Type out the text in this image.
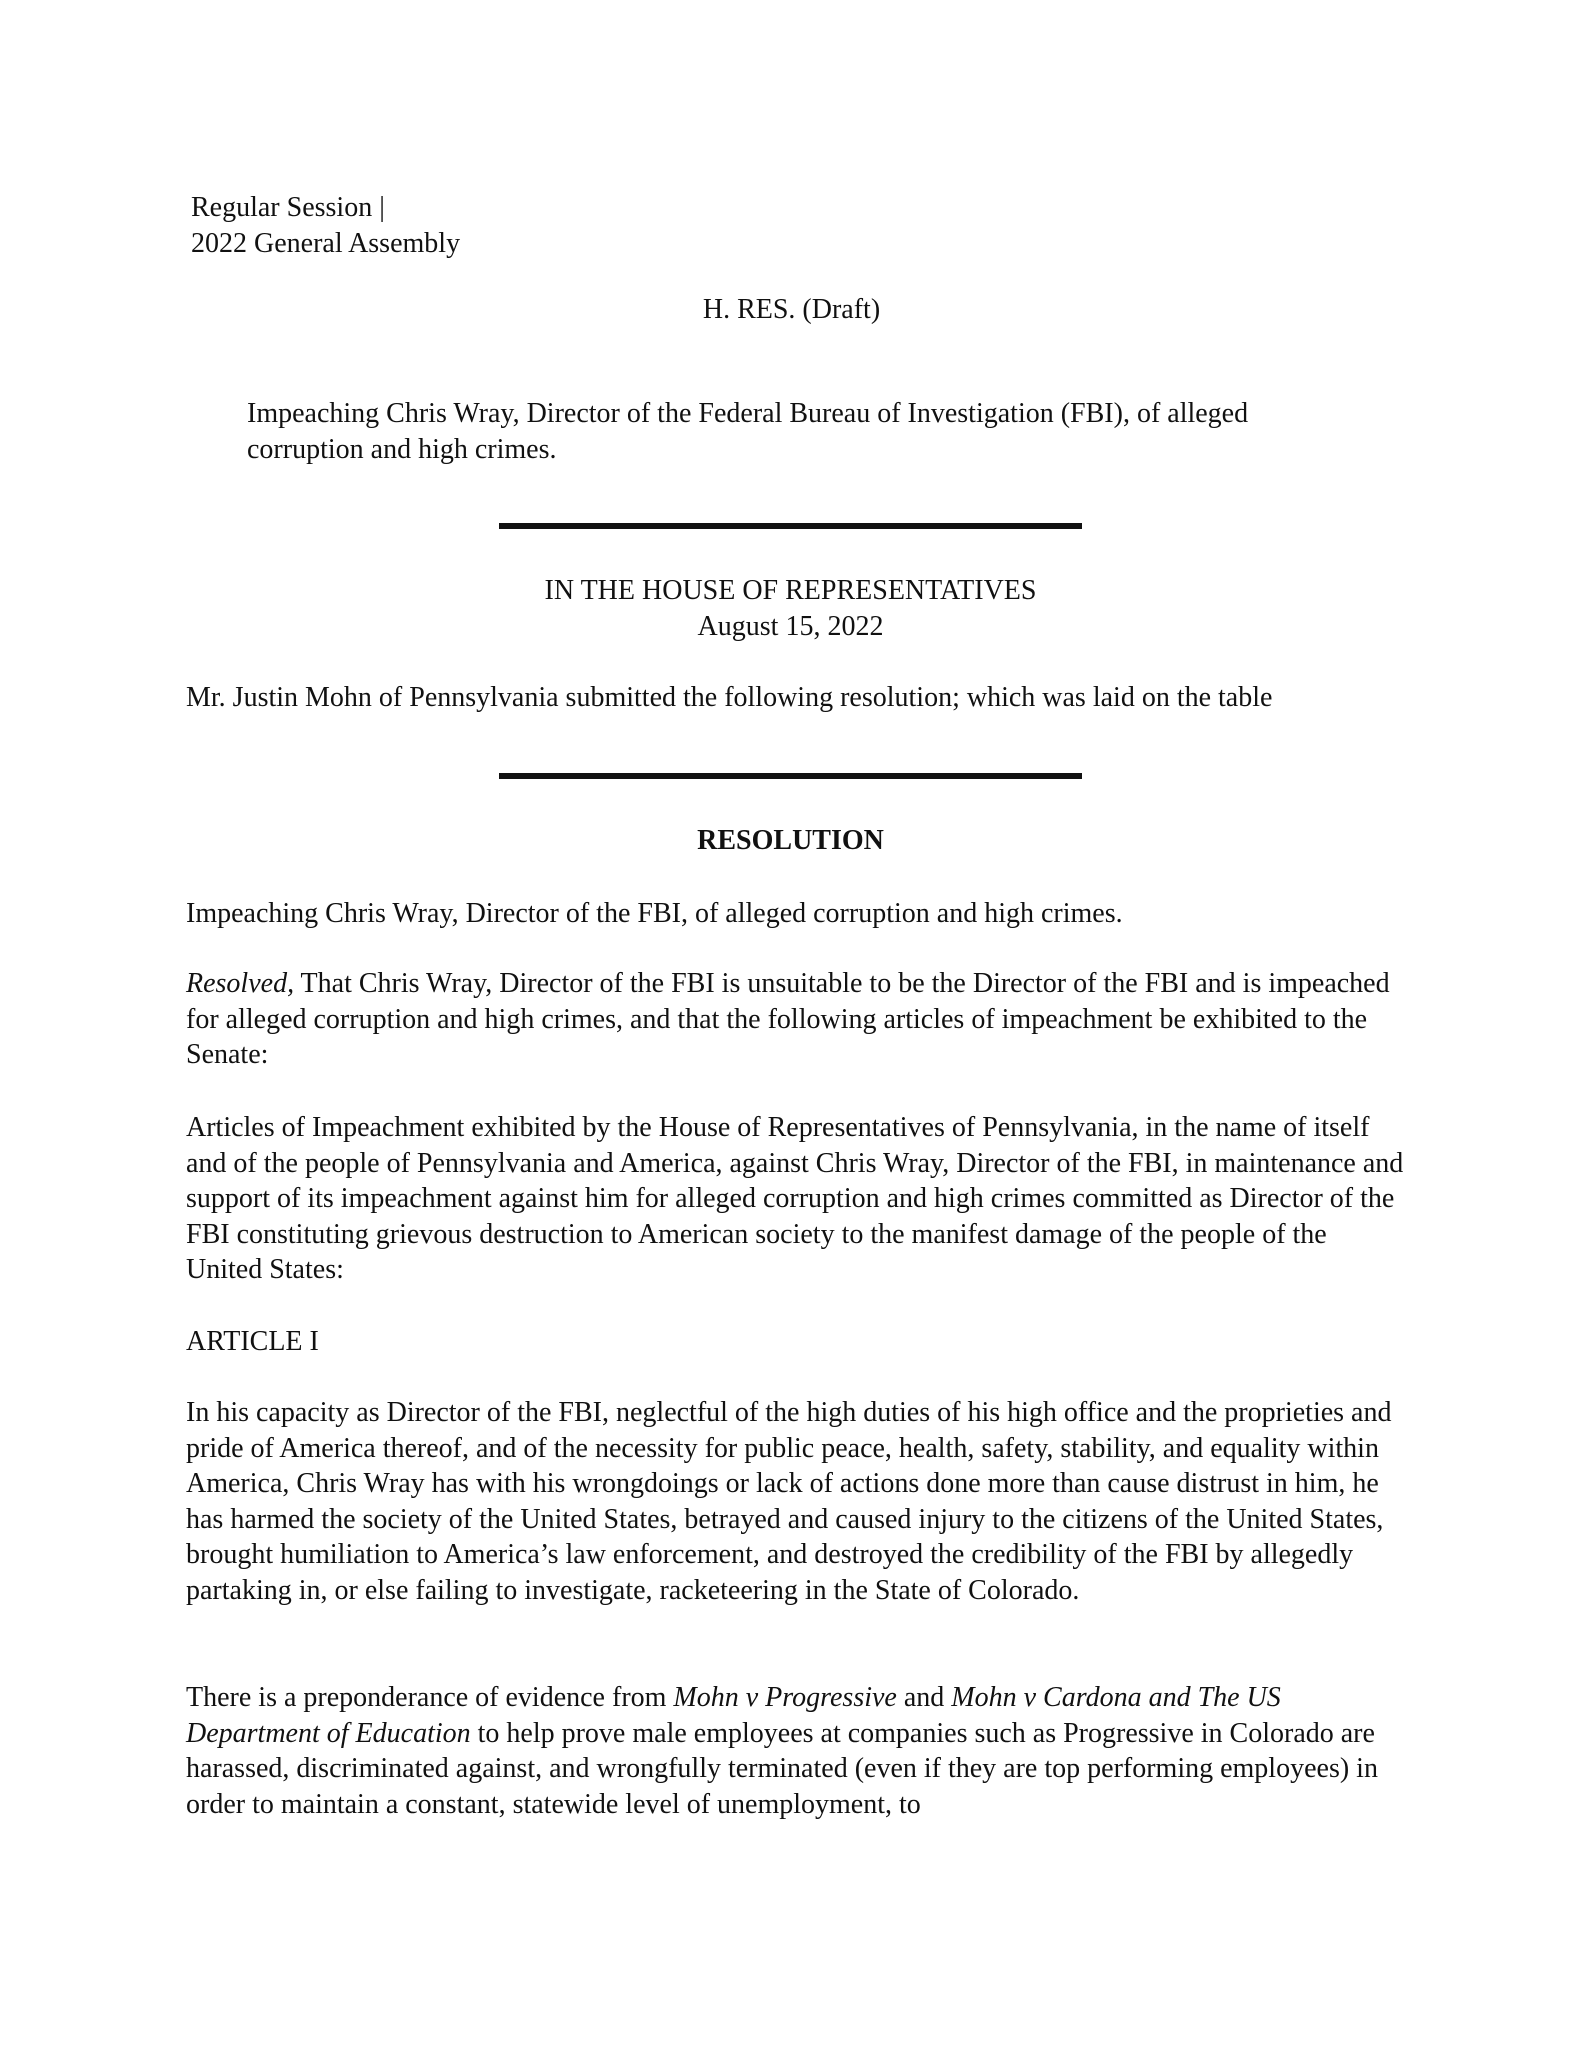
Regular Session |
2022 General Assembly
H. RES. (Draft)
Impeaching Chris Wray, Director of the Federal Bureau of Investigation (FBI), of alleged
corruption and high crimes.
IN THE HOUSE OF REPRESENTATIVES
August 15, 2022
Mr. Justin Mohn of Pennsylvania submitted the following resolution; which was laid on the table
RESOLUTION
Impeaching Chris Wray, Director of the FBI, of alleged corruption and high crimes.

Resolved, That Chris Wray, Director of the FBI is unsuitable to be the Director of the FBI and is impeached for alleged corruption and high crimes, and that the following articles of impeachment be exhibited to the Senate:

Articles of Impeachment exhibited by the House of Representatives of Pennsylvania, in the name of itself and of the people of Pennsylvania and America, against Chris Wray, Director of the FBI, in maintenance and support of its impeachment against him for alleged corruption and high crimes committed as Director of the FBI constituting grievous destruction to American society to the manifest damage of the people of the United States:
ARTICLE I
In his capacity as Director of the FBI, neglectful of the high duties of his high office and the proprieties and pride of America thereof, and of the necessity for public peace, health, safety, stability, and equality within America, Chris Wray has with his wrongdoings or lack of actions done more than cause distrust in him, he has harmed the society of the United States, betrayed and caused injury to the citizens of the United States, brought humiliation to America’s law enforcement, and destroyed the credibility of the FBI by allegedly partaking in, or else failing to investigate, racketeering in the State of Colorado.

There is a preponderance of evidence from Mohn v Progressive and Mohn v Cardona and The US Department of Education to help prove male employees at companies such as Progressive in Colorado are harassed, discriminated against, and wrongfully terminated (even if they are top performing employees) in order to maintain a constant, statewide level of unemployment, to
